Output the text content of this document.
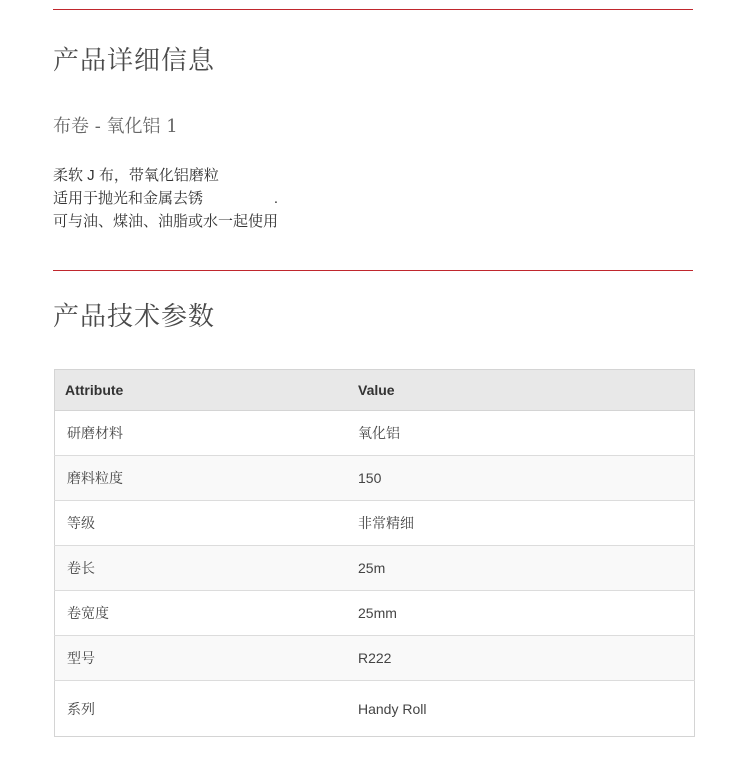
产品详细信息
布卷 - 氧化铝 1
柔软 J 布，带氧化铝磨粒
适用于抛光和金属去锈                 .
可与油、煤油、油脂或水一起使用
产品技术参数
Attribute	Value
研磨材料	氧化铝
磨料粒度	150
等级	非常精细
卷长	25m
卷宽度	25mm
型号	R222
系列	Handy Roll
